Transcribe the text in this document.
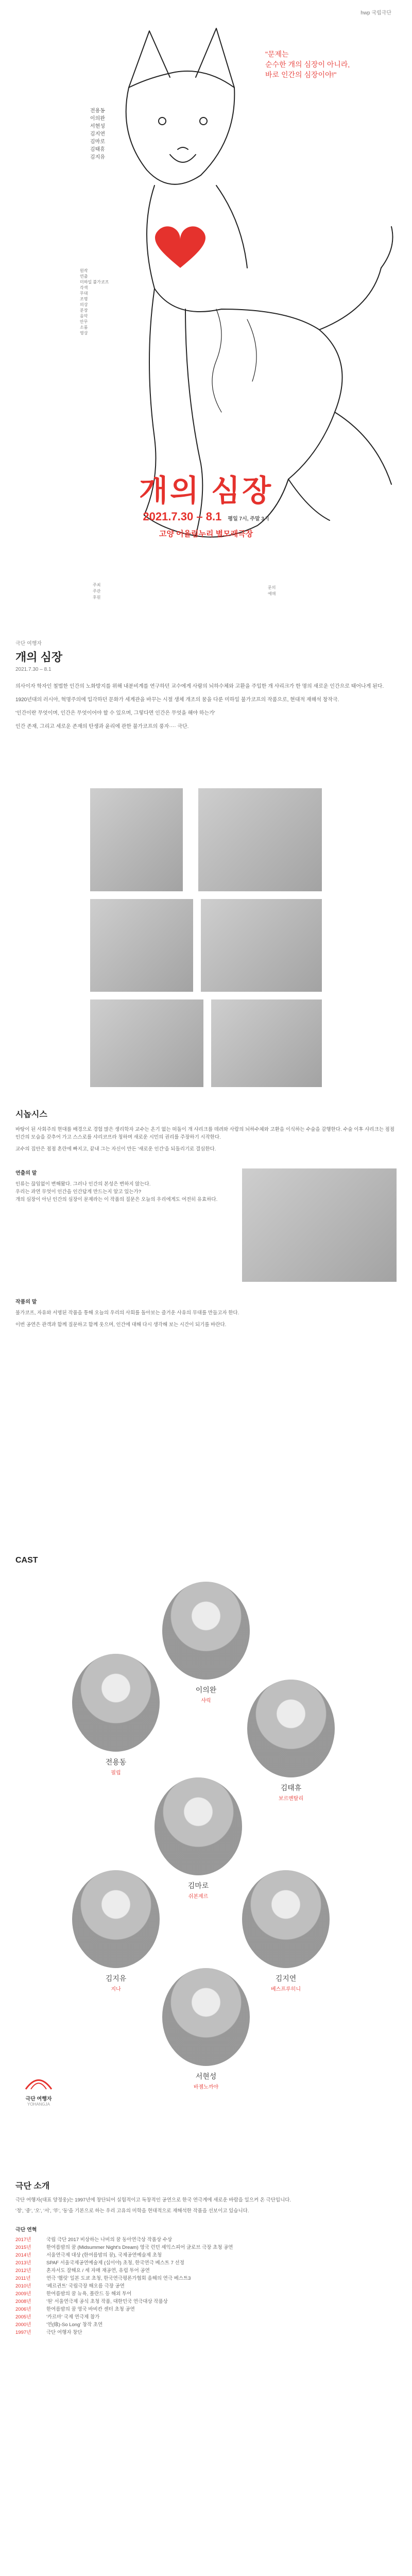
hwp 국립극단
"문제는
순수한 개의 심장이 아니라,
바로 인간의 심장이야!"
전용동
이의완
서현성
김지연
김마로
김태휴
김지유
원작
연출
미하일 불가코프
각색
무대
조명
의상
분장
음악
안무
소품
영상
개의 심장
2021.7.30 – 8.1 평일 7시, 주말 3시
고양 어울림누리 별모래극장
주최
주관
후원
문의
예매
극단 여행자
개의 심장
2021.7.30 – 8.1

의사이자 학자인 철법한 인간의 노화방지를 위해 내분비계를 연구하던 교수에게 사람의 뇌하수체와 고환을 주입한 개 샤리크가 한 명의 새로운 인간으로 태어나게 된다.

1920년대의 러시아, 혁명주의에 입각하던 문화가 세계관을 바꾸는 시절 생체 개조의 꿈을 다룬 미하일 불가코프의 작품으로, 현대적 재해석 창작극.

'인간이란 무엇이며, 인간은 무엇이어야 할 수 있으며, 그렇다면 인간은 무엇을 해야 하는가'

인간 존재, 그리고 세로운 존재의 탄생과 윤리에 관한 불가코프의 풍자···· 극단.

시놉시스

바탕이 된 사회주의 현대를 배경으로 경험 많은 생리학자 교수는 온기 없는 떠돌이 개 샤리크를 데려와 사람의 뇌하수체와 고환을 이식하는 수술을 감행한다. 수술 이후 샤리크는 점점 인간의 모습을 갖추어 가고 스스로를 샤리코프라 칭하며 새로운 시민의 권리를 주장하기 시작한다.

교수의 집안은 점점 혼란에 빠지고, 끝내 그는 자신이 만든 '새로운 인간'을 되돌리기로 결심한다.

연출의 말
인류는 끊임없이 변해왔다. 그러나 인간의 본성은 변하지 않는다.
우리는 과연 무엇이 인간을 인간답게 만드는지 알고 있는가?
개의 심장이 아닌 인간의 심장이 문제라는 이 작품의 질문은 오늘의 우리에게도 여전히 유효하다.
작품의 말

불가코프, 자유와 서명된 작품을 통해 오늘의 우리의 사회를 돌아보는 즐거운 사유의 무대를 만들고자 한다.

이번 공연은 관객과 함께 질문하고 함께 웃으며, 인간에 대해 다시 생각해 보는 시간이 되기를 바란다.

CAST
이의완
샤릭
전용동
필립
김태휴
보르멘탈리
김마로
쉬본제르
김지유
지나
김지연
베스프루히니
서현성
바젬노까야
극단 여행자
YOHANGJA
극단 소개

극단 여행자(대표 양정웅)는 1997년에 창단되어 실험적이고 독창적인 공연으로 한국 연극계에 새로운 바람을 일으켜 온 극단입니다.

'정', '중', '오', '서', '부', '동'을 기본으로 하는 우리 고유의 미학을 현대적으로 재해석한 작품을 선보이고 있습니다.

극단 연혁
2017년	국립 극단 2017 비상하는 나비의 꿈 동아연극상 작품상 수상
2015년	한여름밤의 꿈 (Midsummer Night's Dream) 영국 런던 셰익스피어 글로브 극장 초청 공연
2014년	서울연극제 대상 (한여름밤의 꿈), 국제공연예술제 초청
2013년	SPAF 서울국제공연예술제 (십이야) 초청, 한국연극 베스트 7 선정
2012년	혼자서도 잘해요 / 세 자매 재공연, 유럽 투어 공연
2011년	연극 '햄릿' 일본 도쿄 초청, 한국연극평론가협회 올해의 연극 베스트3
2010년	'페르귄트' 국립극장 해오름 극장 공연
2009년	한여름밤의 꿈 뉴욕, 폴란드 등 해외 투어
2008년	'원' 서울연극제 공식 초청 작품, 대한민국 연극대상 작품상
2006년	한여름밤의 꿈 영국 바비칸 센터 초청 공연
2005년	'카르마' 국제 연극제 참가
2000년	'연(緣)-So Long' 창작 초연
1997년	극단 여행자 창단
